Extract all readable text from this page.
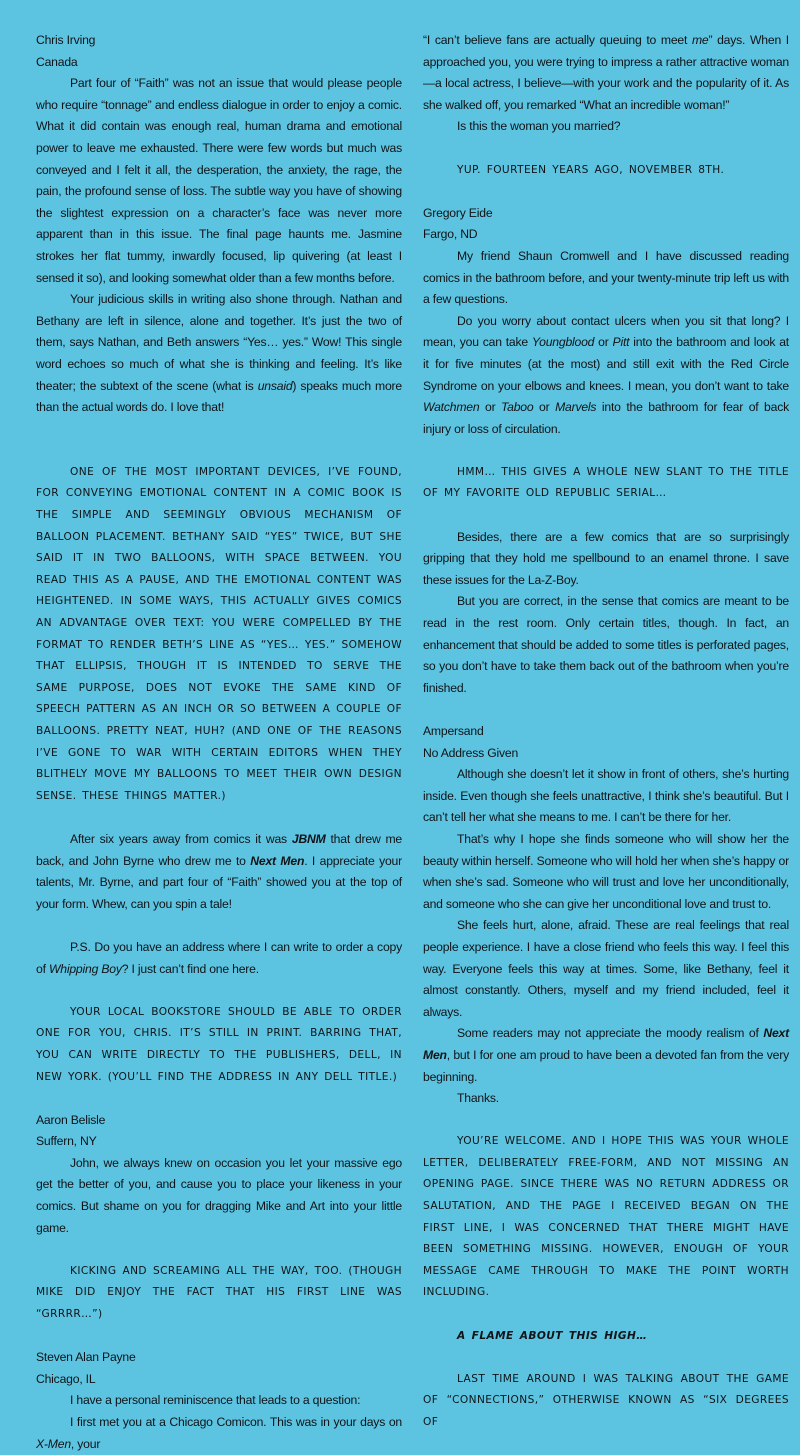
Chris Irving

Canada

Part four of “Faith” was not an issue that would please people who require “tonnage” and endless dialogue in order to enjoy a comic. What it did contain was enough real, human drama and emotional power to leave me exhausted. There were few words but much was conveyed and I felt it all, the desperation, the anxiety, the rage, the pain, the profound sense of loss. The subtle way you have of showing the slightest expression on a character’s face was never more apparent than in this issue. The final page haunts me. Jasmine strokes her flat tummy, inwardly focused, lip quivering (at least I sensed it so), and looking somewhat older than a few months before.

Your judicious skills in writing also shone through. Nathan and Bethany are left in silence, alone and together. It’s just the two of them, says Nathan, and Beth answers “Yes… yes.” Wow! This single word echoes so much of what she is thinking and feeling. It’s like theater; the subtext of the scene (what is unsaid) speaks much more than the actual words do. I love that!

ONE OF THE MOST IMPORTANT DEVICES, I’VE FOUND, FOR CONVEYING EMOTIONAL CONTENT IN A COMIC BOOK IS THE SIMPLE AND SEEMINGLY OBVIOUS MECHANISM OF BALLOON PLACEMENT. BETHANY SAID “YES” TWICE, BUT SHE SAID IT IN TWO BALLOONS, WITH SPACE BETWEEN. YOU READ THIS AS A PAUSE, AND THE EMOTIONAL CONTENT WAS HEIGHTENED. IN SOME WAYS, THIS ACTUALLY GIVES COMICS AN ADVANTAGE OVER TEXT: YOU WERE COMPELLED BY THE FORMAT TO RENDER BETH’S LINE AS “YES… YES.” SOMEHOW THAT ELLIPSIS, THOUGH IT IS INTENDED TO SERVE THE SAME PURPOSE, DOES NOT EVOKE THE SAME KIND OF SPEECH PATTERN AS AN INCH OR SO BETWEEN A COUPLE OF BALLOONS. PRETTY NEAT, HUH? (AND ONE OF THE REASONS I’VE GONE TO WAR WITH CERTAIN EDITORS WHEN THEY BLITHELY MOVE MY BALLOONS TO MEET THEIR OWN DESIGN SENSE. THESE THINGS MATTER.)

After six years away from comics it was JBNM that drew me back, and John Byrne who drew me to Next Men. I appreciate your talents, Mr. Byrne, and part four of “Faith” showed you at the top of your form. Whew, can you spin a tale!

P.S. Do you have an address where I can write to order a copy of Whipping Boy? I just can’t find one here.

YOUR LOCAL BOOKSTORE SHOULD BE ABLE TO ORDER ONE FOR YOU, CHRIS. IT’S STILL IN PRINT. BARRING THAT, YOU CAN WRITE DIRECTLY TO THE PUBLISHERS, DELL, IN NEW YORK. (YOU’LL FIND THE ADDRESS IN ANY DELL TITLE.)

Aaron Belisle

Suffern, NY

John, we always knew on occasion you let your massive ego get the better of you, and cause you to place your likeness in your comics. But shame on you for dragging Mike and Art into your little game.

KICKING AND SCREAMING ALL THE WAY, TOO. (THOUGH MIKE DID ENJOY THE FACT THAT HIS FIRST LINE WAS “GRRRR…”)

Steven Alan Payne

Chicago, IL

I have a personal reminiscence that leads to a question:

I first met you at a Chicago Comicon. This was in your days on X-Men, your

“I can’t believe fans are actually queuing to meet me” days. When I approached you, you were trying to impress a rather attractive woman—a local actress, I believe—with your work and the popularity of it. As she walked off, you remarked “What an incredible woman!”

Is this the woman you married?

YUP. FOURTEEN YEARS AGO, NOVEMBER 8TH.

Gregory Eide

Fargo, ND

My friend Shaun Cromwell and I have discussed reading comics in the bathroom before, and your twenty-minute trip left us with a few questions.

Do you worry about contact ulcers when you sit that long? I mean, you can take Youngblood or Pitt into the bathroom and look at it for five minutes (at the most) and still exit with the Red Circle Syndrome on your elbows and knees. I mean, you don’t want to take Watchmen or Taboo or Marvels into the bathroom for fear of back injury or loss of circulation.

HMM… THIS GIVES A WHOLE NEW SLANT TO THE TITLE OF MY FAVORITE OLD REPUBLIC SERIAL…

Besides, there are a few comics that are so surprisingly gripping that they hold me spellbound to an enamel throne. I save these issues for the La-Z-Boy.

But you are correct, in the sense that comics are meant to be read in the rest room. Only certain titles, though. In fact, an enhancement that should be added to some titles is perforated pages, so you don’t have to take them back out of the bathroom when you’re finished.

Ampersand

No Address Given

Although she doesn’t let it show in front of others, she’s hurting inside. Even though she feels unattractive, I think she’s beautiful. But I can’t tell her what she means to me. I can’t be there for her.

That’s why I hope she finds someone who will show her the beauty within herself. Someone who will hold her when she’s happy or when she’s sad. Someone who will trust and love her unconditionally, and someone who she can give her unconditional love and trust to.

She feels hurt, alone, afraid. These are real feelings that real people experience. I have a close friend who feels this way. I feel this way. Everyone feels this way at times. Some, like Bethany, feel it almost constantly. Others, myself and my friend included, feel it always.

Some readers may not appreciate the moody realism of Next Men, but I for one am proud to have been a devoted fan from the very beginning.

Thanks.

YOU’RE WELCOME. AND I HOPE THIS WAS YOUR WHOLE LETTER, DELIBERATELY FREE-FORM, AND NOT MISSING AN OPENING PAGE. SINCE THERE WAS NO RETURN ADDRESS OR SALUTATION, AND THE PAGE I RECEIVED BEGAN ON THE FIRST LINE, I WAS CONCERNED THAT THERE MIGHT HAVE BEEN SOMETHING MISSING. HOWEVER, ENOUGH OF YOUR MESSAGE CAME THROUGH TO MAKE THE POINT WORTH INCLUDING.

A FLAME ABOUT THIS HIGH…

LAST TIME AROUND I WAS TALKING ABOUT THE GAME OF “CONNECTIONS,” OTHERWISE KNOWN AS “SIX DEGREES OF
